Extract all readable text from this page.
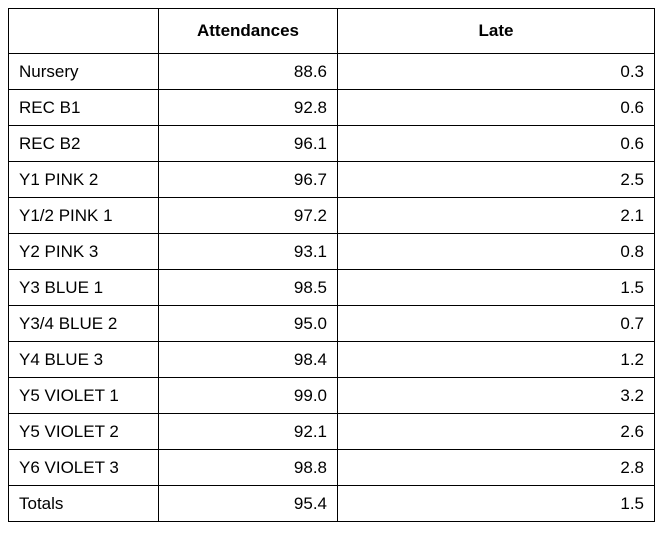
	Attendances	Late
Nursery	88.6	0.3
REC B1	92.8	0.6
REC B2	96.1	0.6
Y1 PINK 2	96.7	2.5
Y1/2 PINK 1	97.2	2.1
Y2 PINK 3	93.1	0.8
Y3 BLUE 1	98.5	1.5
Y3/4 BLUE 2	95.0	0.7
Y4 BLUE 3	98.4	1.2
Y5 VIOLET 1	99.0	3.2
Y5 VIOLET 2	92.1	2.6
Y6 VIOLET 3	98.8	2.8
Totals	95.4	1.5
